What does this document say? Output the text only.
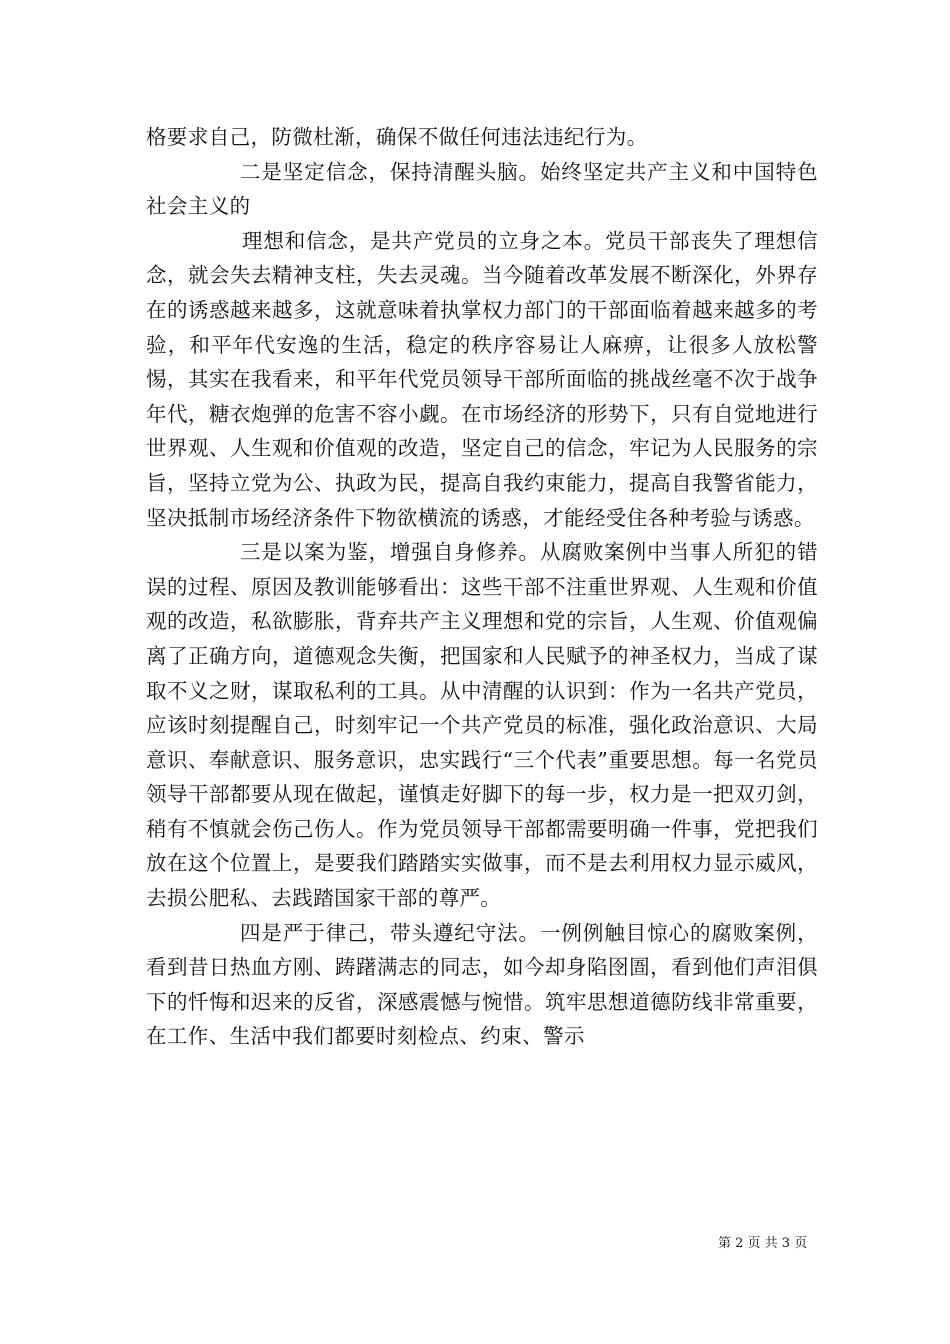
格要求自己，防微杜渐，确保不做任何违法违纪行为。

二是坚定信念，保持清醒头脑。始终坚定共产主义和中国特色社会主义的

理想和信念，是共产党员的立身之本。党员干部丧失了理想信念，就会失去精神支柱，失去灵魂。当今随着改革发展不断深化，外界存在的诱惑越来越多，这就意味着执掌权力部门的干部面临着越来越多的考验，和平年代安逸的生活，稳定的秩序容易让人麻痹，让很多人放松警惕，其实在我看来，和平年代党员领导干部所面临的挑战丝毫不次于战争年代，糖衣炮弹的危害不容小觑。在市场经济的形势下，只有自觉地进行世界观、人生观和价值观的改造，坚定自己的信念，牢记为人民服务的宗旨，坚持立党为公、执政为民，提高自我约束能力，提高自我警省能力，坚决抵制市场经济条件下物欲横流的诱惑，才能经受住各种考验与诱惑。

三是以案为鉴，增强自身修养。从腐败案例中当事人所犯的错误的过程、原因及教训能够看出：这些干部不注重世界观、人生观和价值观的改造，私欲膨胀，背弃共产主义理想和党的宗旨，人生观、价值观偏离了正确方向，道德观念失衡，把国家和人民赋予的神圣权力，当成了谋取不义之财，谋取私利的工具。从中清醒的认识到：作为一名共产党员，应该时刻提醒自己，时刻牢记一个共产党员的标准，强化政治意识、大局意识、奉献意识、服务意识，忠实践行“三个代表”重要思想。每一名党员领导干部都要从现在做起，谨慎走好脚下的每一步，权力是一把双刃剑，稍有不慎就会伤己伤人。作为党员领导干部都需要明确一件事，党把我们放在这个位置上，是要我们踏踏实实做事，而不是去利用权力显示威风，去损公肥私、去践踏国家干部的尊严。

四是严于律己，带头遵纪守法。一例例触目惊心的腐败案例，看到昔日热血方刚、踌躇满志的同志，如今却身陷囹圄，看到他们声泪俱下的忏悔和迟来的反省，深感震憾与惋惜。筑牢思想道德防线非常重要，在工作、生活中我们都要时刻检点、约束、警示

第 2 页 共 3 页
